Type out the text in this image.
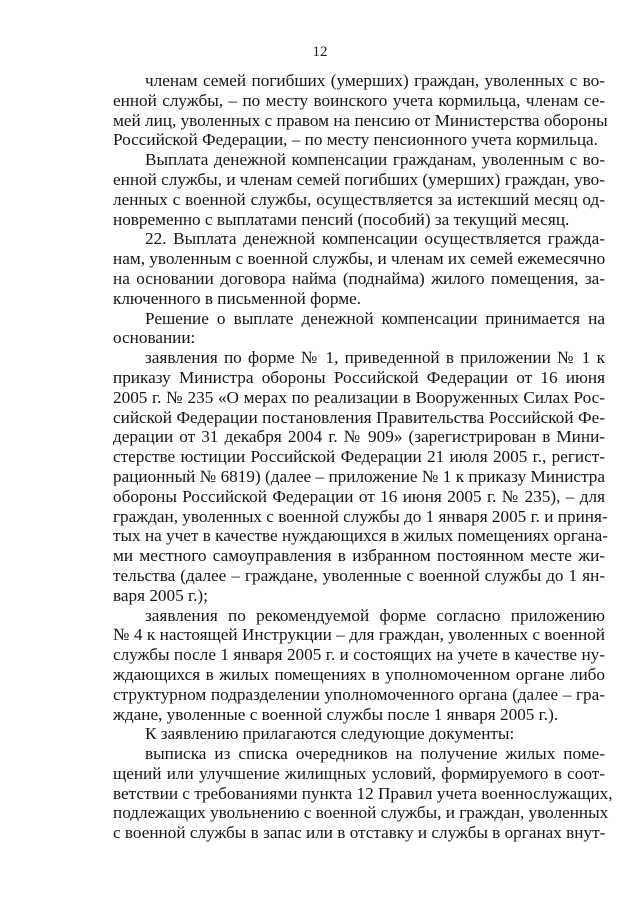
12
членам семей погибших (умерших) граждан, уволенных с во-
енной службы, – по месту воинского учета кормильца, членам се-
мей лиц, уволенных с правом на пенсию от Министерства обороны
Российской Федерации, – по месту пенсионного учета кормильца.
Выплата денежной компенсации гражданам, уволенным с во-
енной службы, и членам семей погибших (умерших) граждан, уво-
ленных с военной службы, осуществляется за истекший месяц од-
новременно с выплатами пенсий (пособий) за текущий месяц.
22. Выплата денежной компенсации осуществляется гражда-
нам, уволенным с военной службы, и членам их семей ежемесячно
на основании договора найма (поднайма) жилого помещения, за-
ключенного в письменной форме.
Решение о выплате денежной компенсации принимается на
основании:
заявления по форме № 1, приведенной в приложении № 1 к
приказу Министра обороны Российской Федерации от 16 июня
2005 г. № 235 «О мерах по реализации в Вооруженных Силах Рос-
сийской Федерации постановления Правительства Российской Фе-
дерации от 31 декабря 2004 г. № 909» (зарегистрирован в Мини-
стерстве юстиции Российской Федерации 21 июля 2005 г., регист-
рационный № 6819) (далее – приложение № 1 к приказу Министра
обороны Российской Федерации от 16 июня 2005 г. № 235), – для
граждан, уволенных с военной службы до 1 января 2005 г. и приня-
тых на учет в качестве нуждающихся в жилых помещениях органа-
ми местного самоуправления в избранном постоянном месте жи-
тельства (далее – граждане, уволенные с военной службы до 1 ян-
варя 2005 г.);
заявления по рекомендуемой форме согласно приложению
№ 4 к настоящей Инструкции – для граждан, уволенных с военной
службы после 1 января 2005 г. и состоящих на учете в качестве ну-
ждающихся в жилых помещениях в уполномоченном органе либо
структурном подразделении уполномоченного органа (далее – гра-
ждане, уволенные с военной службы после 1 января 2005 г.).
К заявлению прилагаются следующие документы:
выписка из списка очередников на получение жилых поме-
щений или улучшение жилищных условий, формируемого в соот-
ветствии с требованиями пункта 12 Правил учета военнослужащих,
подлежащих увольнению с военной службы, и граждан, уволенных
с военной службы в запас или в отставку и службы в органах внут-
